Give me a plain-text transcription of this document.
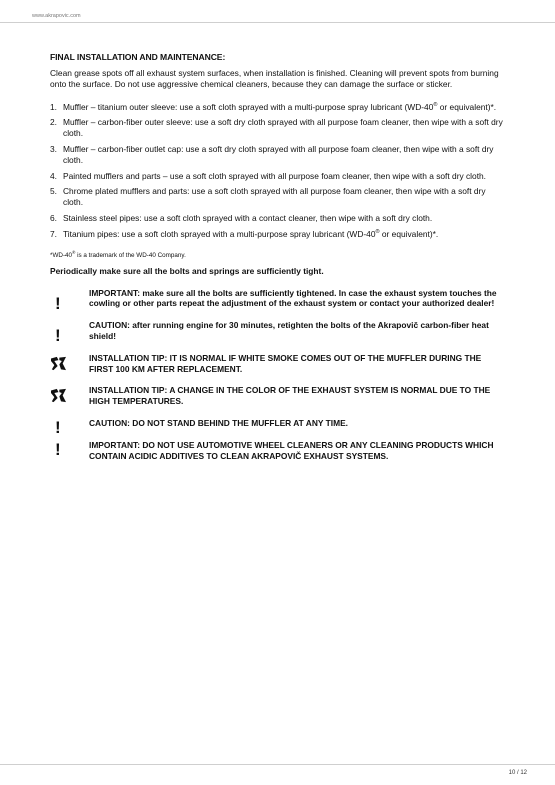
www.akrapovic.com

FINAL INSTALLATION AND MAINTENANCE:

Clean grease spots off all exhaust system surfaces, when installation is finished. Cleaning will prevent spots from burning onto the surface. Do not use aggressive chemical cleaners, because they can damage the surface or sticker.

1. Muffler – titanium outer sleeve: use a soft cloth sprayed with a multi-purpose spray lubricant (WD-40® or equivalent)*.
2. Muffler – carbon-fiber outer sleeve: use a soft dry cloth sprayed with all purpose foam cleaner, then wipe with a soft dry cloth.
3. Muffler – carbon-fiber outlet cap: use a soft dry cloth sprayed with all purpose foam cleaner, then wipe with a soft dry cloth.
4. Painted mufflers and parts – use a soft cloth sprayed with all purpose foam cleaner, then wipe with a soft dry cloth.
5. Chrome plated mufflers and parts: use a soft cloth sprayed with all purpose foam cleaner, then wipe with a soft dry cloth.
6. Stainless steel pipes: use a soft cloth sprayed with a contact cleaner, then wipe with a soft dry cloth.
7. Titanium pipes: use a soft cloth sprayed with a multi-purpose spray lubricant (WD-40® or equivalent)*.

*WD-40® is a trademark of the WD-40 Company.

Periodically make sure all the bolts and springs are sufficiently tight.

!
IMPORTANT: make sure all the bolts are sufficiently tightened. In case the exhaust system touches the cowling or other parts repeat the adjustment of the exhaust system or contact your authorized dealer!
!
CAUTION: after running engine for 30 minutes, retighten the bolts of the Akrapovič carbon-fiber heat shield!
INSTALLATION TIP: IT IS NORMAL IF WHITE SMOKE COMES OUT OF THE MUFFLER DURING THE FIRST 100 KM AFTER REPLACEMENT.
INSTALLATION TIP: A CHANGE IN THE COLOR OF THE EXHAUST SYSTEM IS NORMAL DUE TO THE HIGH TEMPERATURES.
!	CAUTION: DO NOT STAND BEHIND THE MUFFLER AT ANY TIME.
!	IMPORTANT: DO NOT USE AUTOMOTIVE WHEEL CLEANERS OR ANY CLEANING PRODUCTS WHICH CONTAIN ACIDIC ADDITIVES TO CLEAN AKRAPOVIČ EXHAUST SYSTEMS.
10 / 12
